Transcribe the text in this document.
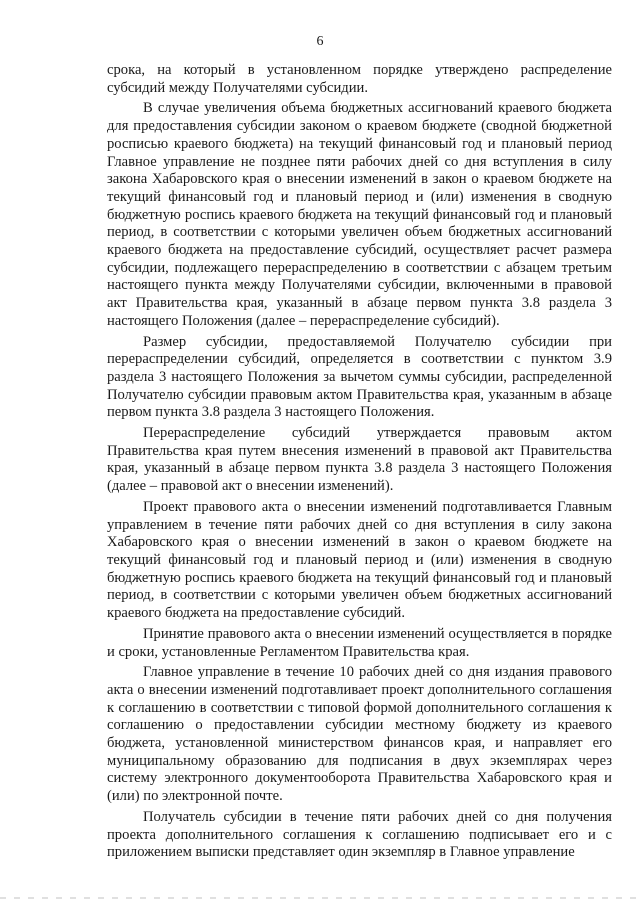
6

срока, на который в установленном порядке утверждено распределение субсидий между Получателями субсидии.

В случае увеличения объема бюджетных ассигнований краевого бюджета для предоставления субсидии законом о краевом бюджете (сводной бюджетной росписью краевого бюджета) на текущий финансовый год и плановый период Главное управление не позднее пяти рабочих дней со дня вступления в силу закона Хабаровского края о внесении изменений в закон о краевом бюджете на текущий финансовый год и плановый период и (или) изменения в сводную бюджетную роспись краевого бюджета на текущий финансовый год и плановый период, в соответствии с которыми увеличен объем бюджетных ассигнований краевого бюджета на предоставление субсидий, осуществляет расчет размера субсидии, подлежащего перераспределению в соответствии с абзацем третьим настоящего пункта между Получателями субсидии, включенными в правовой акт Правительства края, указанный в абзаце первом пункта 3.8 раздела 3 настоящего Положения (далее – перераспределение субсидий).

Размер субсидии, предоставляемой Получателю субсидии при перераспределении субсидий, определяется в соответствии с пунктом 3.9 раздела 3 настоящего Положения за вычетом суммы субсидии, распределенной Получателю субсидии правовым актом Правительства края, указанным в абзаце первом пункта 3.8 раздела 3 настоящего Положения.

Перераспределение субсидий утверждается правовым актом Правительства края путем внесения изменений в правовой акт Правительства края, указанный в абзаце первом пункта 3.8 раздела 3 настоящего Положения (далее – правовой акт о внесении изменений).

Проект правового акта о внесении изменений подготавливается Главным управлением в течение пяти рабочих дней со дня вступления в силу закона Хабаровского края о внесении изменений в закон о краевом бюджете на текущий финансовый год и плановый период и (или) изменения в сводную бюджетную роспись краевого бюджета на текущий финансовый год и плановый период, в соответствии с которыми увеличен объем бюджетных ассигнований краевого бюджета на предоставление субсидий.

Принятие правового акта о внесении изменений осуществляется в порядке и сроки, установленные Регламентом Правительства края.

Главное управление в течение 10 рабочих дней со дня издания правового акта о внесении изменений подготавливает проект дополнительного соглашения к соглашению в соответствии с типовой формой дополнительного соглашения к соглашению о предоставлении субсидии местному бюджету из краевого бюджета, установленной министерством финансов края, и направляет его муниципальному образованию для подписания в двух экземплярах через систему электронного документооборота Правительства Хабаровского края и (или) по электронной почте.

Получатель субсидии в течение пяти рабочих дней со дня получения проекта дополнительного соглашения к соглашению подписывает его и с приложением выписки представляет один экземпляр в Главное управление
